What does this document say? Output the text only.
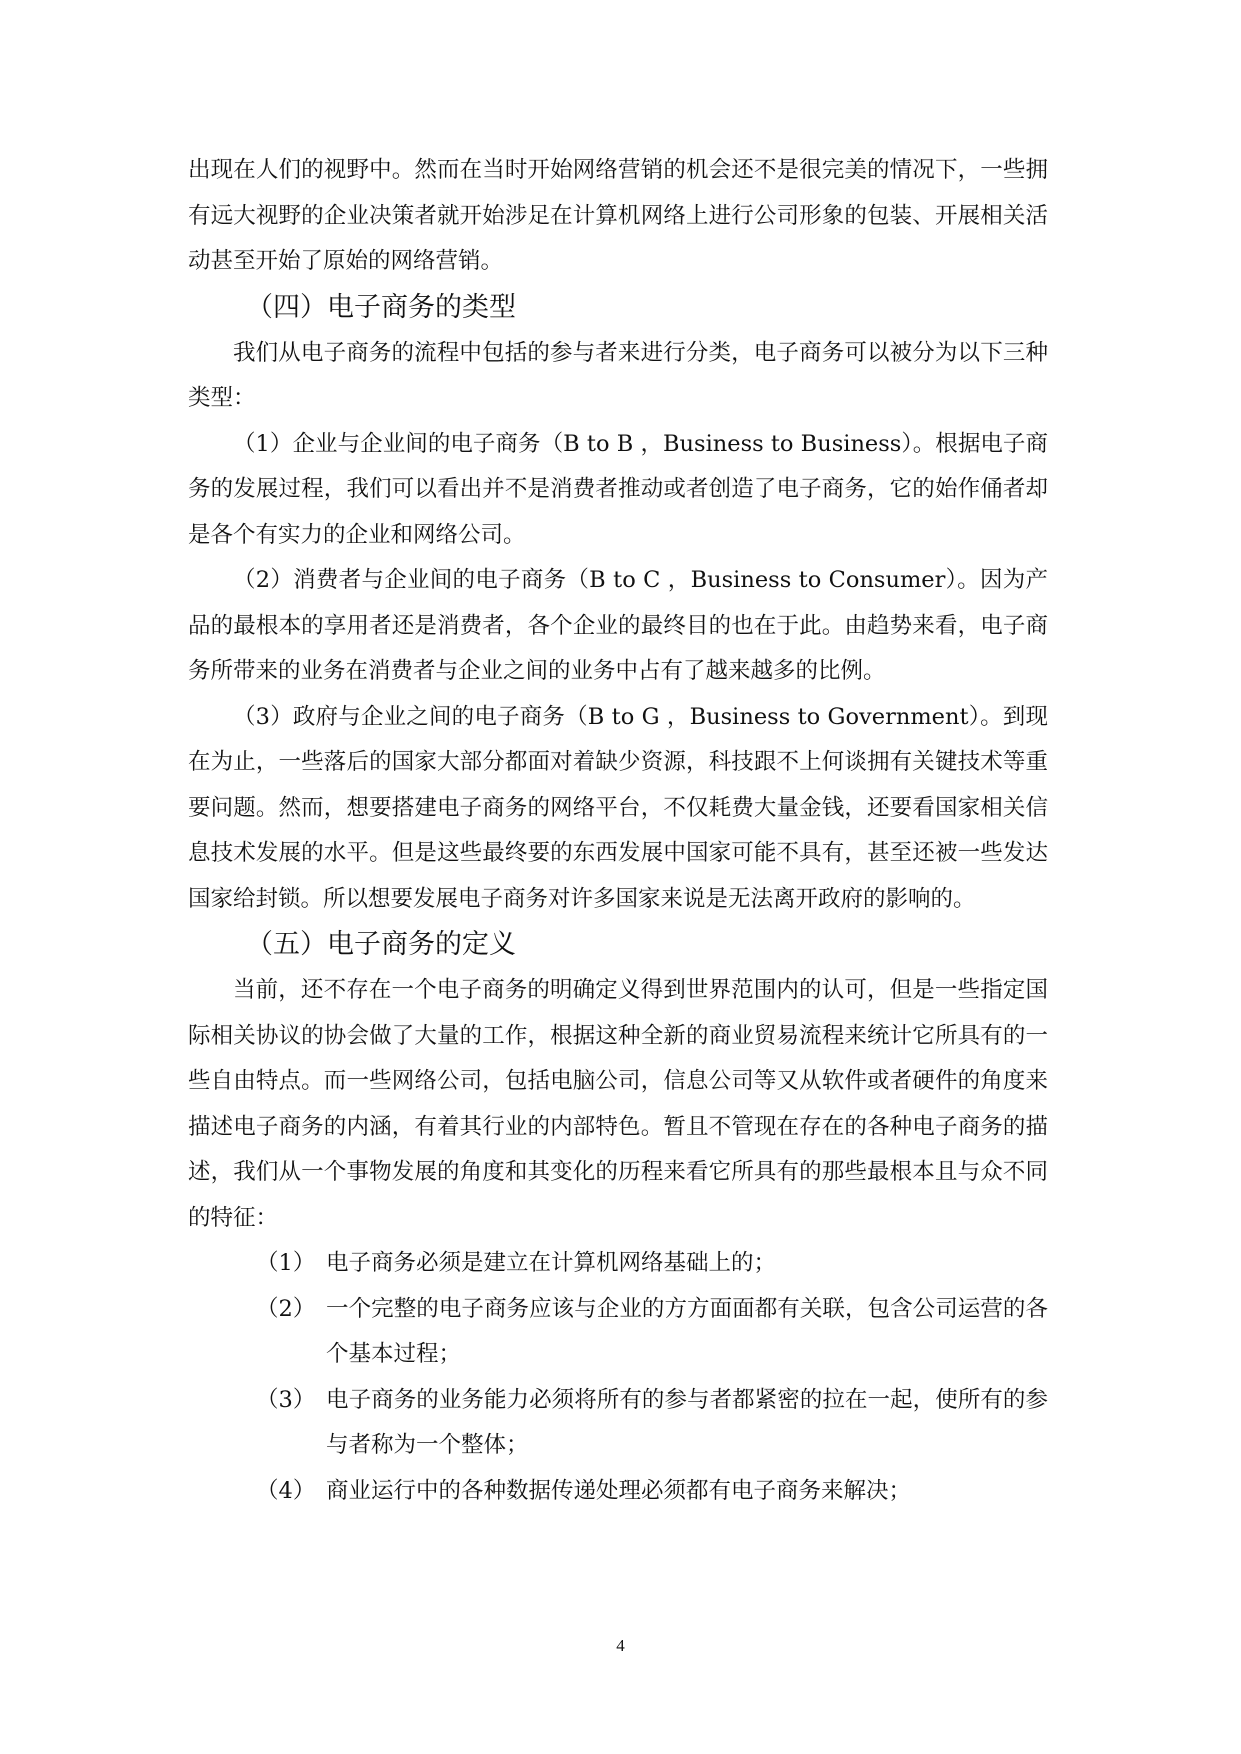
出现在人们的视野中。然而在当时开始网络营销的机会还不是很完美的情况下，一些拥有远大视野的企业决策者就开始涉足在计算机网络上进行公司形象的包装、开展相关活动甚至开始了原始的网络营销。

（四）电子商务的类型

我们从电子商务的流程中包括的参与者来进行分类，电子商务可以被分为以下三种类型：

（1）企业与企业间的电子商务（B to B ，Business to Business）。根据电子商务的发展过程，我们可以看出并不是消费者推动或者创造了电子商务，它的始作俑者却是各个有实力的企业和网络公司。

（2）消费者与企业间的电子商务（B to C ，Business to Consumer）。因为产品的最根本的享用者还是消费者，各个企业的最终目的也在于此。由趋势来看，电子商务所带来的业务在消费者与企业之间的业务中占有了越来越多的比例。

（3）政府与企业之间的电子商务（B to G ，Business to Government）。到现在为止，一些落后的国家大部分都面对着缺少资源，科技跟不上何谈拥有关键技术等重要问题。然而，想要搭建电子商务的网络平台，不仅耗费大量金钱，还要看国家相关信息技术发展的水平。但是这些最终要的东西发展中国家可能不具有，甚至还被一些发达国家给封锁。所以想要发展电子商务对许多国家来说是无法离开政府的影响的。

（五）电子商务的定义

当前，还不存在一个电子商务的明确定义得到世界范围内的认可，但是一些指定国际相关协议的协会做了大量的工作，根据这种全新的商业贸易流程来统计它所具有的一些自由特点。而一些网络公司，包括电脑公司，信息公司等又从软件或者硬件的角度来描述电子商务的内涵，有着其行业的内部特色。暂且不管现在存在的各种电子商务的描述，我们从一个事物发展的角度和其变化的历程来看它所具有的那些最根本且与众不同的特征：

（1） 电子商务必须是建立在计算机网络基础上的；
（2） 一个完整的电子商务应该与企业的方方面面都有关联，包含公司运营的各个基本过程；
（3） 电子商务的业务能力必须将所有的参与者都紧密的拉在一起，使所有的参与者称为一个整体；
（4） 商业运行中的各种数据传递处理必须都有电子商务来解决；
4
